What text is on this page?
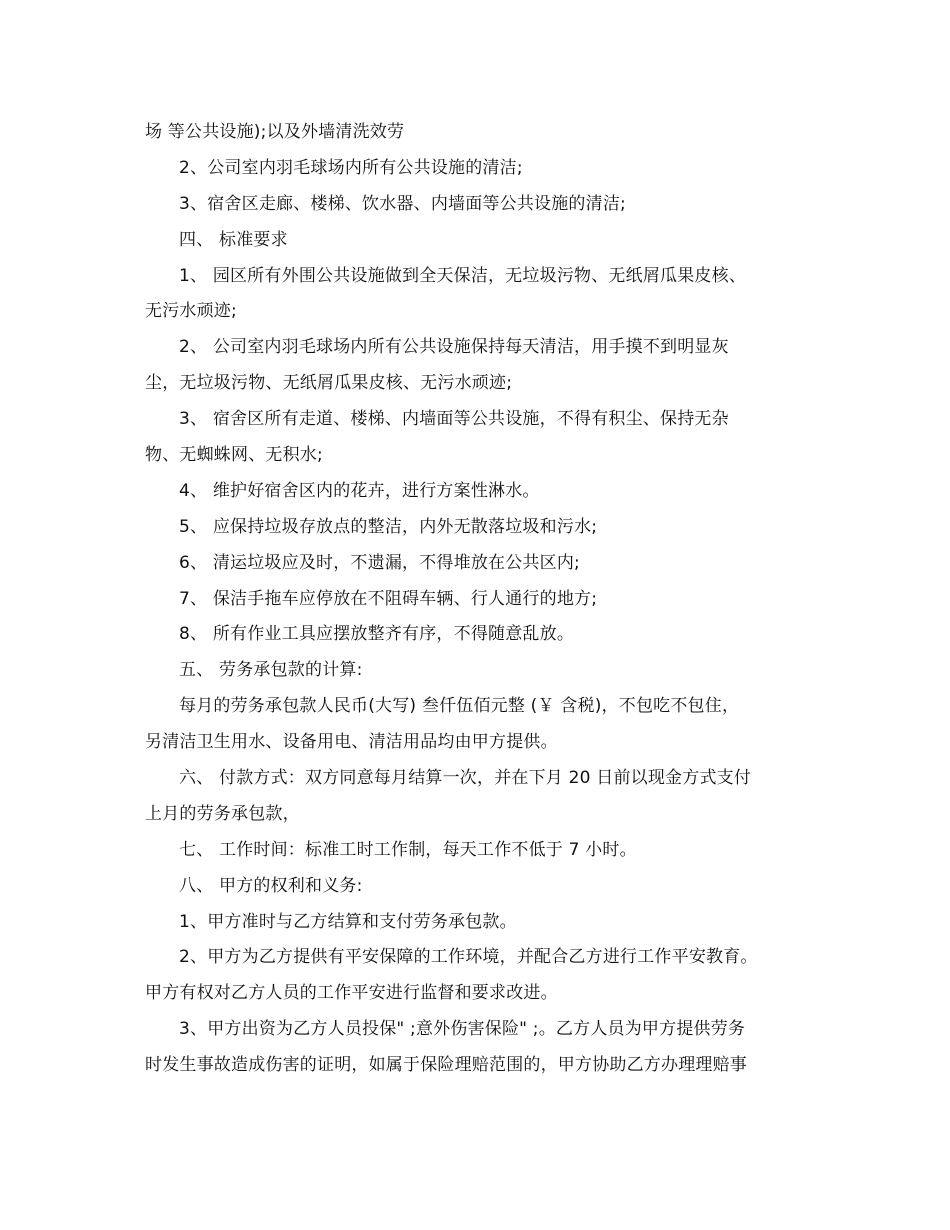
场 等公共设施);以及外墙清洗效劳
2、公司室内羽毛球场内所有公共设施的清洁;
3、宿舍区走廊、楼梯、饮水器、内墙面等公共设施的清洁;
四、 标准要求
1、 园区所有外围公共设施做到全天保洁，无垃圾污物、无纸屑瓜果皮核、
无污水顽迹;
2、 公司室内羽毛球场内所有公共设施保持每天清洁，用手摸不到明显灰
尘，无垃圾污物、无纸屑瓜果皮核、无污水顽迹;
3、 宿舍区所有走道、楼梯、内墙面等公共设施，不得有积尘、保持无杂
物、无蜘蛛网、无积水;
4、 维护好宿舍区内的花卉，进行方案性淋水。
5、 应保持垃圾存放点的整洁，内外无散落垃圾和污水;
6、 清运垃圾应及时，不遗漏，不得堆放在公共区内;
7、 保洁手拖车应停放在不阻碍车辆、行人通行的地方;
8、 所有作业工具应摆放整齐有序，不得随意乱放。
五、 劳务承包款的计算:
每月的劳务承包款人民币(大写) 叁仟伍佰元整 (￥ 含税)，不包吃不包住，
另清洁卫生用水、设备用电、清洁用品均由甲方提供。
六、 付款方式：双方同意每月结算一次，并在下月 20 日前以现金方式支付
上月的劳务承包款，
七、 工作时间：标准工时工作制，每天工作不低于 7 小时。
八、 甲方的权利和义务:
1、甲方准时与乙方结算和支付劳务承包款。
2、甲方为乙方提供有平安保障的工作环境，并配合乙方进行工作平安教育。
甲方有权对乙方人员的工作平安进行监督和要求改进。
3、甲方出资为乙方人员投保" ;意外伤害保险" ;。乙方人员为甲方提供劳务
时发生事故造成伤害的证明，如属于保险理赔范围的，甲方协助乙方办理理赔事
